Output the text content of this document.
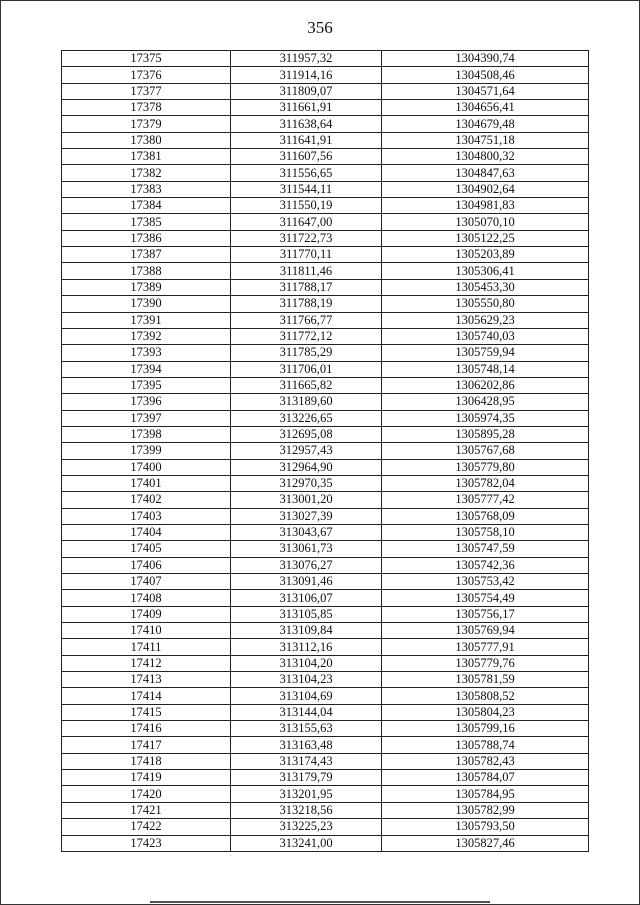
356
17375	311957,32	1304390,74
17376	311914,16	1304508,46
17377	311809,07	1304571,64
17378	311661,91	1304656,41
17379	311638,64	1304679,48
17380	311641,91	1304751,18
17381	311607,56	1304800,32
17382	311556,65	1304847,63
17383	311544,11	1304902,64
17384	311550,19	1304981,83
17385	311647,00	1305070,10
17386	311722,73	1305122,25
17387	311770,11	1305203,89
17388	311811,46	1305306,41
17389	311788,17	1305453,30
17390	311788,19	1305550,80
17391	311766,77	1305629,23
17392	311772,12	1305740,03
17393	311785,29	1305759,94
17394	311706,01	1305748,14
17395	311665,82	1306202,86
17396	313189,60	1306428,95
17397	313226,65	1305974,35
17398	312695,08	1305895,28
17399	312957,43	1305767,68
17400	312964,90	1305779,80
17401	312970,35	1305782,04
17402	313001,20	1305777,42
17403	313027,39	1305768,09
17404	313043,67	1305758,10
17405	313061,73	1305747,59
17406	313076,27	1305742,36
17407	313091,46	1305753,42
17408	313106,07	1305754,49
17409	313105,85	1305756,17
17410	313109,84	1305769,94
17411	313112,16	1305777,91
17412	313104,20	1305779,76
17413	313104,23	1305781,59
17414	313104,69	1305808,52
17415	313144,04	1305804,23
17416	313155,63	1305799,16
17417	313163,48	1305788,74
17418	313174,43	1305782,43
17419	313179,79	1305784,07
17420	313201,95	1305784,95
17421	313218,56	1305782,99
17422	313225,23	1305793,50
17423	313241,00	1305827,46
